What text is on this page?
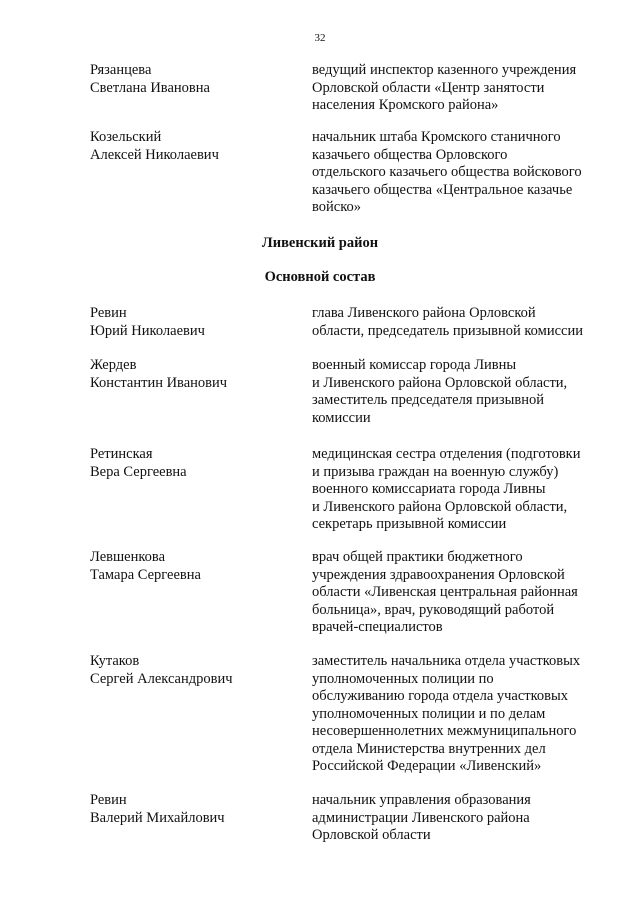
32
Рязанцева
Светлана Ивановна
ведущий инспектор казенного учреждения
Орловской области «Центр занятости
населения Кромского района»
Козельский
Алексей Николаевич
начальник штаба Кромского станичного
казачьего общества Орловского
отдельского казачьего общества войскового
казачьего общества «Центральное казачье
войско»
Ливенский район
Основной состав
Ревин
Юрий Николаевич
глава Ливенского района Орловской
области, председатель призывной комиссии
Жердев
Константин Иванович
военный комиссар города Ливны
и Ливенского района Орловской области,
заместитель председателя призывной
комиссии
Ретинская
Вера Сергеевна
медицинская сестра отделения (подготовки
и призыва граждан на военную службу)
военного комиссариата города Ливны
и Ливенского района Орловской области,
секретарь призывной комиссии
Левшенкова
Тамара Сергеевна
врач общей практики бюджетного
учреждения здравоохранения Орловской
области «Ливенская центральная районная
больница», врач, руководящий работой
врачей-специалистов
Кутаков
Сергей Александрович
заместитель начальника отдела участковых
уполномоченных полиции по
обслуживанию города отдела участковых
уполномоченных полиции и по делам
несовершеннолетних межмуниципального
отдела Министерства внутренних дел
Российской Федерации «Ливенский»
Ревин
Валерий Михайлович
начальник управления образования
администрации Ливенского района
Орловской области
